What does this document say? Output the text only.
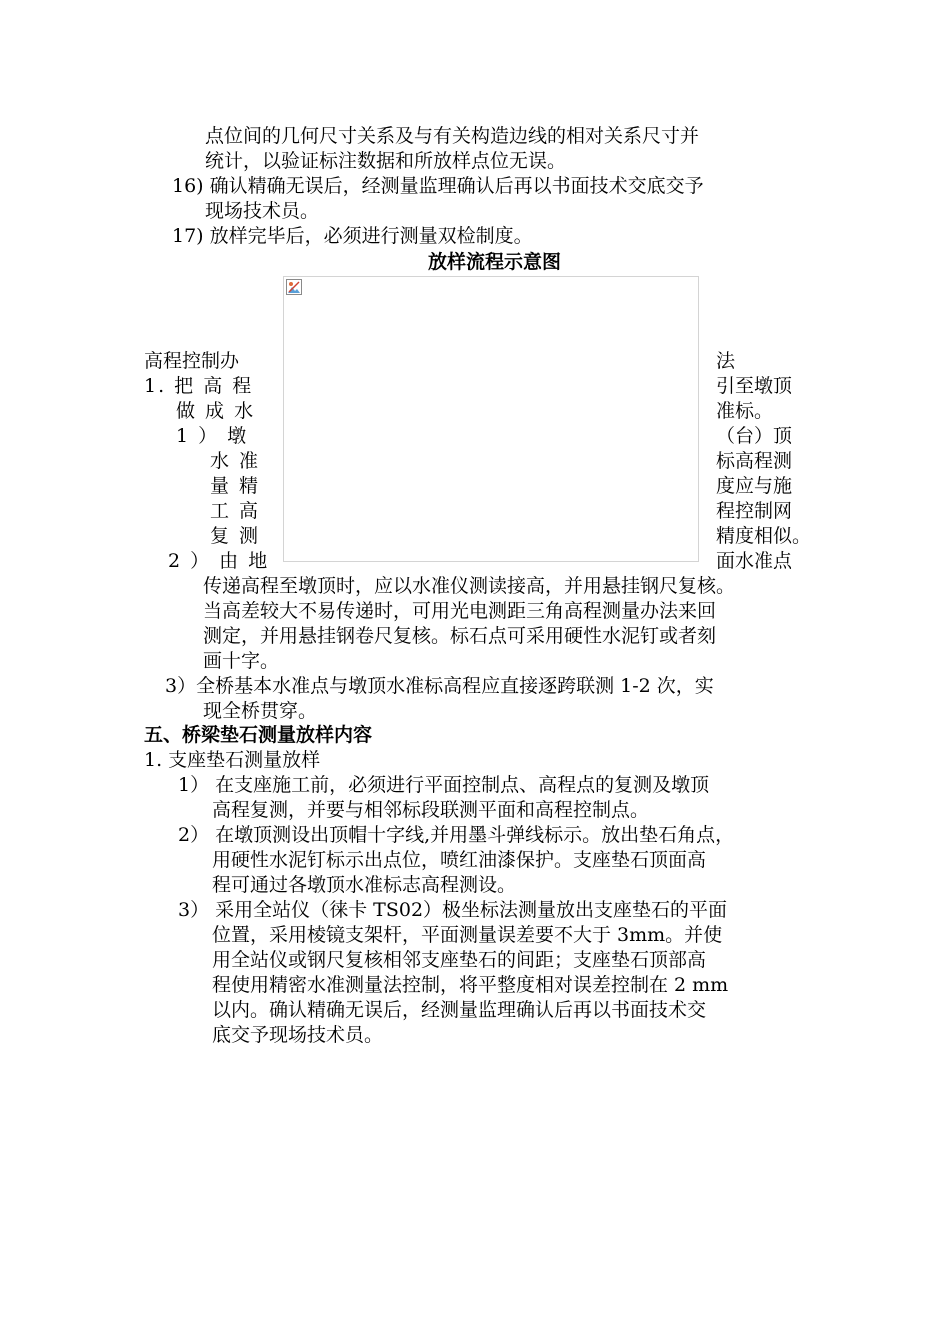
点位间的几何尺寸关系及与有关构造边线的相对关系尺寸并
统计，以验证标注数据和所放样点位无误。
16) 确认精确无误后，经测量监理确认后再以书面技术交底交予
现场技术员。
17) 放样完毕后，必须进行测量双检制度。
放样流程示意图
高程控制办
1. 把 高 程
做 成 水
1 ） 墩
水 准
量 精
工 高
复 测
2 ） 由 地
法
引至墩顶
准标。
（台）顶
标高程测
度应与施
程控制网
精度相似。
面水准点
传递高程至墩顶时，应以水准仪测读接高，并用悬挂钢尺复核。
当高差较大不易传递时，可用光电测距三角高程测量办法来回
测定，并用悬挂钢卷尺复核。标石点可采用硬性水泥钉或者刻
画十字。
3）全桥基本水准点与墩顶水准标高程应直接逐跨联测 1-2 次，实
现全桥贯穿。
五、桥梁垫石测量放样内容
1. 支座垫石测量放样
1） 在支座施工前，必须进行平面控制点、高程点的复测及墩顶
高程复测，并要与相邻标段联测平面和高程控制点。
2） 在墩顶测设出顶帽十字线,并用墨斗弹线标示。放出垫石角点，
用硬性水泥钉标示出点位，喷红油漆保护。支座垫石顶面高
程可通过各墩顶水准标志高程测设。
3） 采用全站仪（徕卡 TS02）极坐标法测量放出支座垫石的平面
位置，采用棱镜支架杆，平面测量误差要不大于 3mm。并使
用全站仪或钢尺复核相邻支座垫石的间距；支座垫石顶部高
程使用精密水准测量法控制，将平整度相对误差控制在 2 mm
以内。确认精确无误后，经测量监理确认后再以书面技术交
底交予现场技术员。
